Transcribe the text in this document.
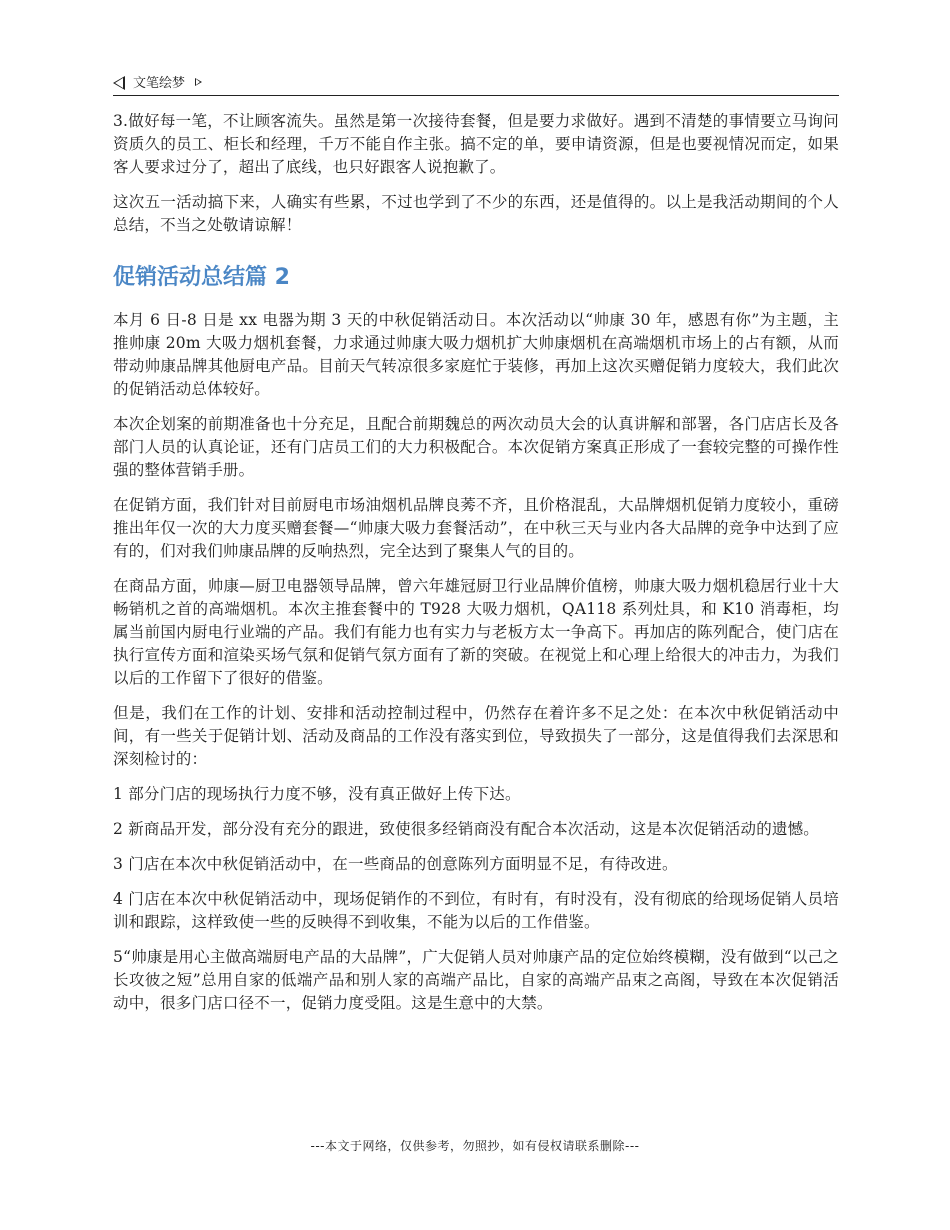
文笔绘梦

3.做好每一笔，不让顾客流失。虽然是第一次接待套餐，但是要力求做好。遇到不清楚的事情要立马询问资质久的员工、柜长和经理，千万不能自作主张。搞不定的单，要申请资源，但是也要视情况而定，如果客人要求过分了，超出了底线，也只好跟客人说抱歉了。

这次五一活动搞下来，人确实有些累，不过也学到了不少的东西，还是值得的。以上是我活动期间的个人总结，不当之处敬请谅解！

促销活动总结篇 2

本月 6 日-8 日是 xx 电器为期 3 天的中秋促销活动日。本次活动以“帅康 30 年，感恩有你”为主题，主推帅康 20m 大吸力烟机套餐，力求通过帅康大吸力烟机扩大帅康烟机在高端烟机市场上的占有额，从而带动帅康品牌其他厨电产品。目前天气转凉很多家庭忙于装修，再加上这次买赠促销力度较大，我们此次的促销活动总体较好。

本次企划案的前期准备也十分充足，且配合前期魏总的两次动员大会的认真讲解和部署，各门店店长及各部门人员的认真论证，还有门店员工们的大力积极配合。本次促销方案真正形成了一套较完整的可操作性强的整体营销手册。

在促销方面，我们针对目前厨电市场油烟机品牌良莠不齐，且价格混乱，大品牌烟机促销力度较小，重磅推出年仅一次的大力度买赠套餐—“帅康大吸力套餐活动”，在中秋三天与业内各大品牌的竞争中达到了应有的，们对我们帅康品牌的反响热烈，完全达到了聚集人气的目的。

在商品方面，帅康—厨卫电器领导品牌，曾六年雄冠厨卫行业品牌价值榜，帅康大吸力烟机稳居行业十大畅销机之首的高端烟机。本次主推套餐中的 T928 大吸力烟机，QA118 系列灶具，和 K10 消毒柜，均属当前国内厨电行业端的产品。我们有能力也有实力与老板方太一争高下。再加店的陈列配合，使门店在执行宣传方面和渲染买场气氛和促销气氛方面有了新的突破。在视觉上和心理上给很大的冲击力，为我们以后的工作留下了很好的借鉴。

但是，我们在工作的计划、安排和活动控制过程中，仍然存在着许多不足之处：在本次中秋促销活动中间，有一些关于促销计划、活动及商品的工作没有落实到位，导致损失了一部分，这是值得我们去深思和深刻检讨的：

1 部分门店的现场执行力度不够，没有真正做好上传下达。

2 新商品开发，部分没有充分的跟进，致使很多经销商没有配合本次活动，这是本次促销活动的遗憾。

3 门店在本次中秋促销活动中，在一些商品的创意陈列方面明显不足，有待改进。

4 门店在本次中秋促销活动中，现场促销作的不到位，有时有，有时没有，没有彻底的给现场促销人员培训和跟踪，这样致使一些的反映得不到收集，不能为以后的工作借鉴。

5“帅康是用心主做高端厨电产品的大品牌”，广大促销人员对帅康产品的定位始终模糊，没有做到“以己之长攻彼之短”总用自家的低端产品和别人家的高端产品比，自家的高端产品束之高阁，导致在本次促销活动中，很多门店口径不一，促销力度受阻。这是生意中的大禁。

---本文于网络，仅供参考，勿照抄，如有侵权请联系删除---
